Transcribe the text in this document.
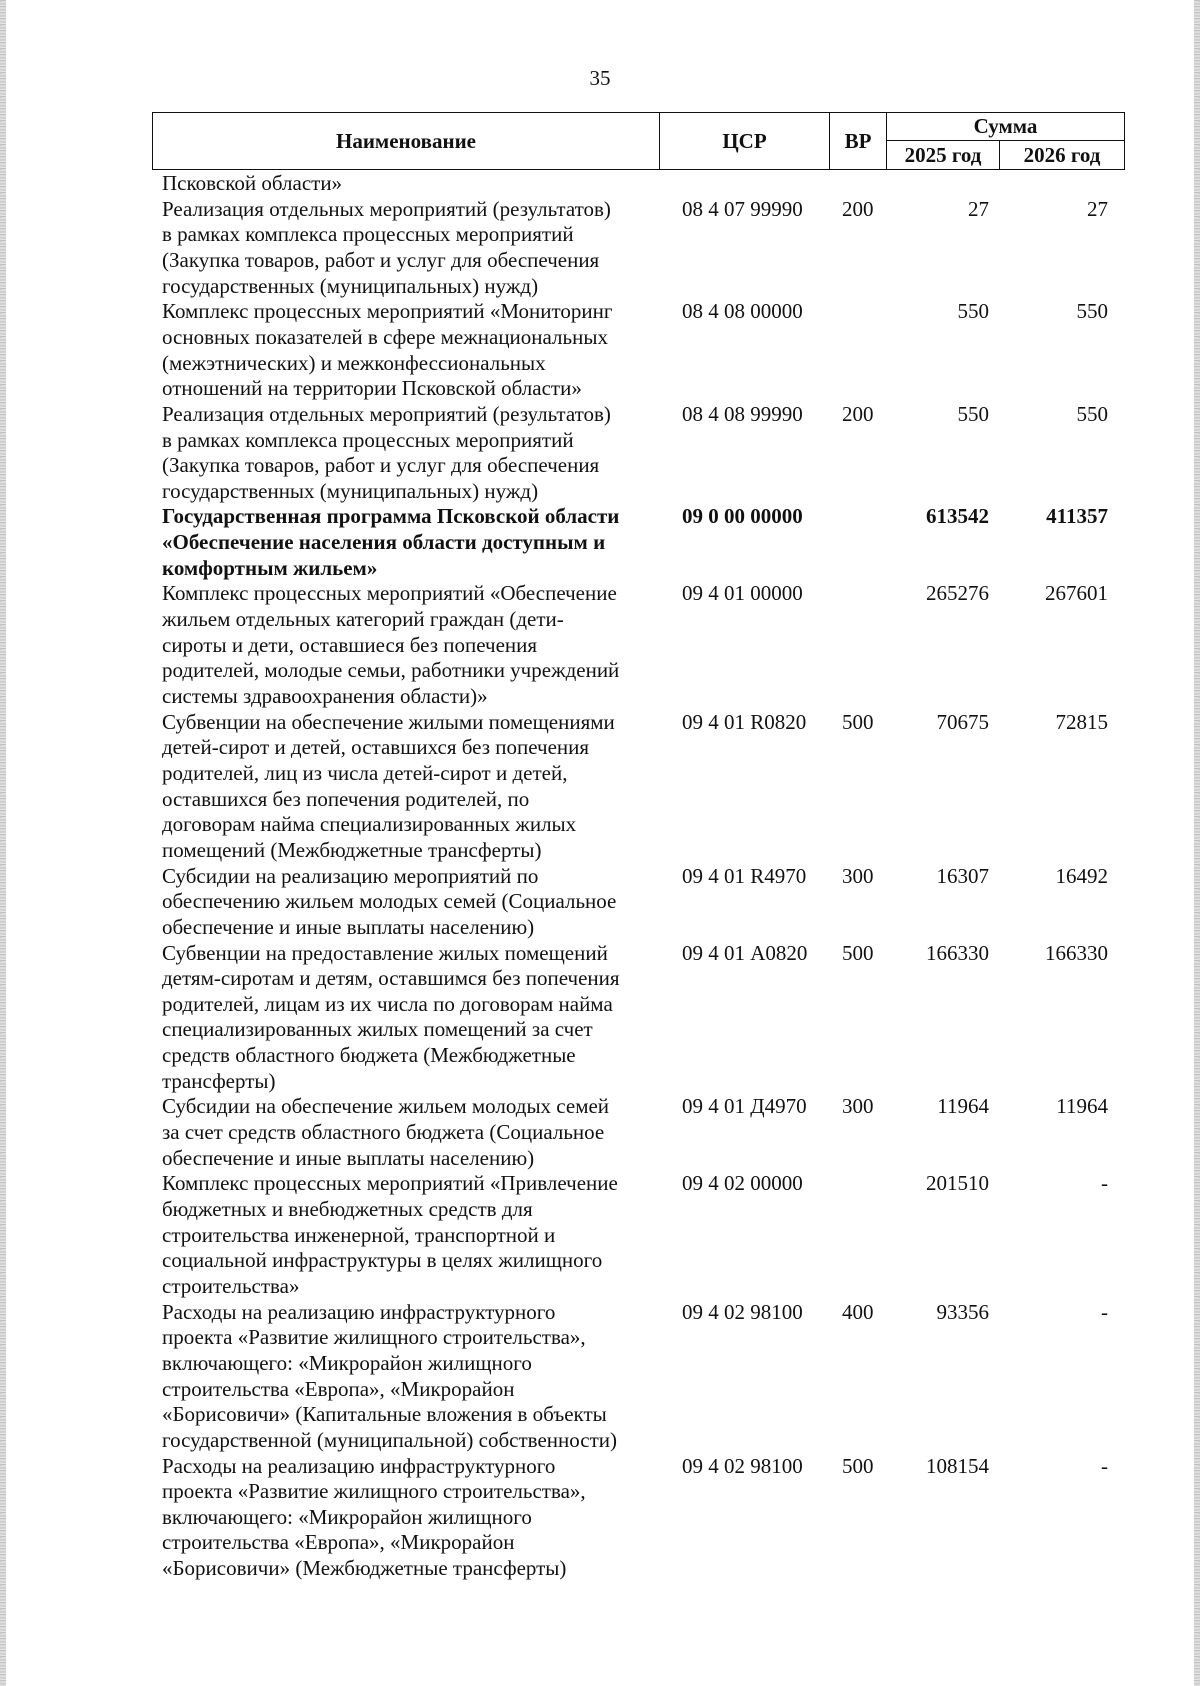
35
Наименование	ЦСР	ВР	Сумма	
			2025 год	2026 год
Псковской области»
Реализация отдельных мероприятий (результатов)	08 4 07 99990 200	27	27
в рамках комплекса процессных мероприятий
(Закупка товаров, работ и услуг для обеспечения
государственных (муниципальных) нужд)
Комплекс процессных мероприятий «Мониторинг	08 4 08 00000	550	550
основных показателей в сфере межнациональных
(межэтнических) и межконфессиональных
отношений на территории Псковской области»
Реализация отдельных мероприятий (результатов)	08 4 08 99990 200	550	550
в рамках комплекса процессных мероприятий
(Закупка товаров, работ и услуг для обеспечения
государственных (муниципальных) нужд)
Государственная программа Псковской области	09 0 00 00000	613542	411357
«Обеспечение населения области доступным и
комфортным жильем»
Комплекс процессных мероприятий «Обеспечение	09 4 01 00000	265276	267601
жильем отдельных категорий граждан (дети-
сироты и дети, оставшиеся без попечения
родителей, молодые семьи, работники учреждений
системы здравоохранения области)»
Субвенции на обеспечение жилыми помещениями	09 4 01 R0820 500	70675	72815
детей-сирот и детей, оставшихся без попечения
родителей, лиц из числа детей-сирот и детей,
оставшихся без попечения родителей, по
договорам найма специализированных жилых
помещений (Межбюджетные трансферты)
Субсидии на реализацию мероприятий по	09 4 01 R4970 300	16307	16492
обеспечению жильем молодых семей (Социальное
обеспечение и иные выплаты населению)
Субвенции на предоставление жилых помещений	09 4 01 А0820 500	166330	166330
детям-сиротам и детям, оставшимся без попечения
родителей, лицам из их числа по договорам найма
специализированных жилых помещений за счет
средств областного бюджета (Межбюджетные
трансферты)
Субсидии на обеспечение жильем молодых семей	09 4 01 Д4970 300	11964	11964
за счет средств областного бюджета (Социальное
обеспечение и иные выплаты населению)
Комплекс процессных мероприятий «Привлечение	09 4 02 00000	201510	-
бюджетных и внебюджетных средств для
строительства инженерной, транспортной и
социальной инфраструктуры в целях жилищного
строительства»
Расходы на реализацию инфраструктурного	09 4 02 98100 400	93356	-
проекта «Развитие жилищного строительства»,
включающего: «Микрорайон жилищного
строительства «Европа», «Микрорайон
«Борисовичи» (Капитальные вложения в объекты
государственной (муниципальной) собственности)
Расходы на реализацию инфраструктурного	09 4 02 98100 500	108154	-
проекта «Развитие жилищного строительства»,
включающего: «Микрорайон жилищного
строительства «Европа», «Микрорайон
«Борисовичи» (Межбюджетные трансферты)
